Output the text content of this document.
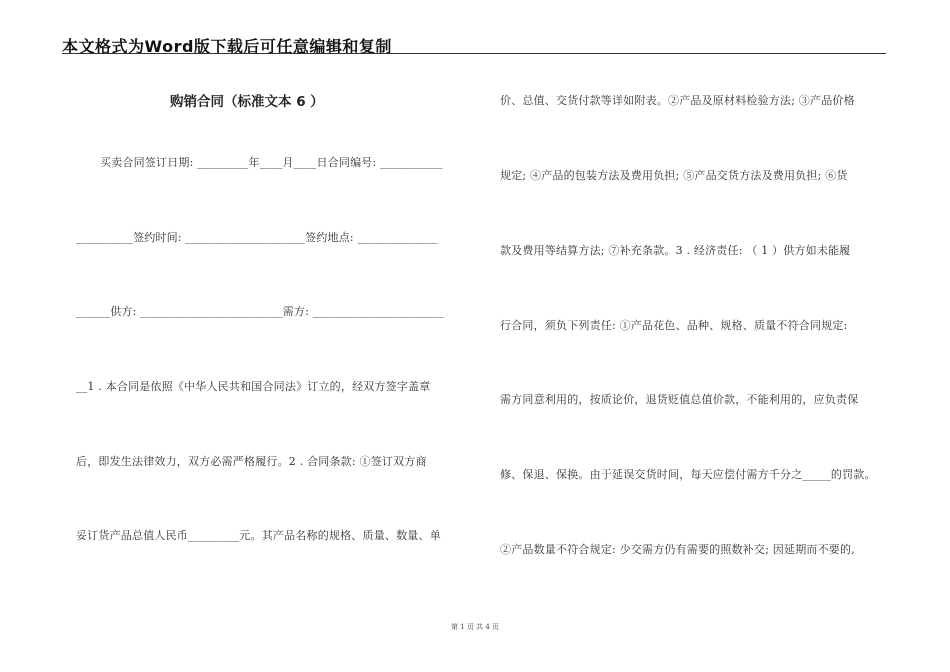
本文格式为Word版下载后可任意编辑和复制
购销合同（标准文本 6 ）
买卖合同签订日期: _________年____月____日合同编号: ___________
__________签约时间: _____________________签约地点: ______________
______供方: _________________________需方: _______________________
__1 . 本合同是依照《中华人民共和国合同法》订立的，经双方签字盖章
后，即发生法律效力，双方必需严格履行。2 . 合同条款: ①签订双方商
妥订货产品总值人民币_________元。其产品名称的规格、质量、数量、单
价、总值、交货付款等详如附表。②产品及原材料检验方法; ③产品价格
规定; ④产品的包装方法及费用负担; ⑤产品交货方法及费用负担; ⑥货
款及费用等结算方法; ⑦补充条款。3 . 经济责任: （ 1 ）供方如未能履
行合同，须负下列责任: ①产品花色、品种、规格、质量不符合同规定:
需方同意利用的，按质论价，退货贬值总值价款，不能利用的，应负责保
修、保退、保换。由于延误交货时间，每天应偿付需方千分之_____的罚款。
②产品数量不符合规定: 少交需方仍有需要的照数补交; 因延期而不要的,
第 1 页 共 4 页
